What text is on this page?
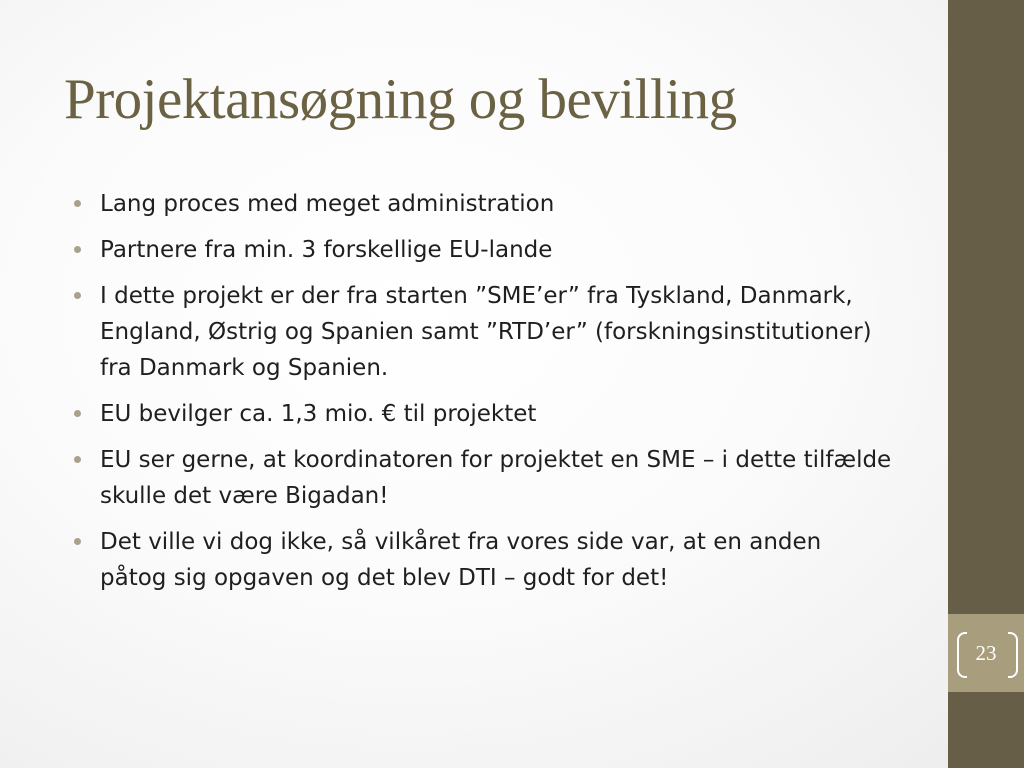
Projektansøgning og bevilling
Lang proces med meget administration
Partnere fra min. 3 forskellige EU-lande
I dette projekt er der fra starten ”SME’er” fra Tyskland, Danmark, England, Østrig og Spanien samt ”RTD’er” (forskningsinstitutioner) fra Danmark og Spanien.
EU bevilger ca. 1,3 mio. € til projektet
EU ser gerne, at koordinatoren for projektet en SME – i dette tilfælde skulle det være Bigadan!
Det ville vi dog ikke, så vilkåret fra vores side var, at en anden påtog sig opgaven og det blev DTI – godt for det!
23
